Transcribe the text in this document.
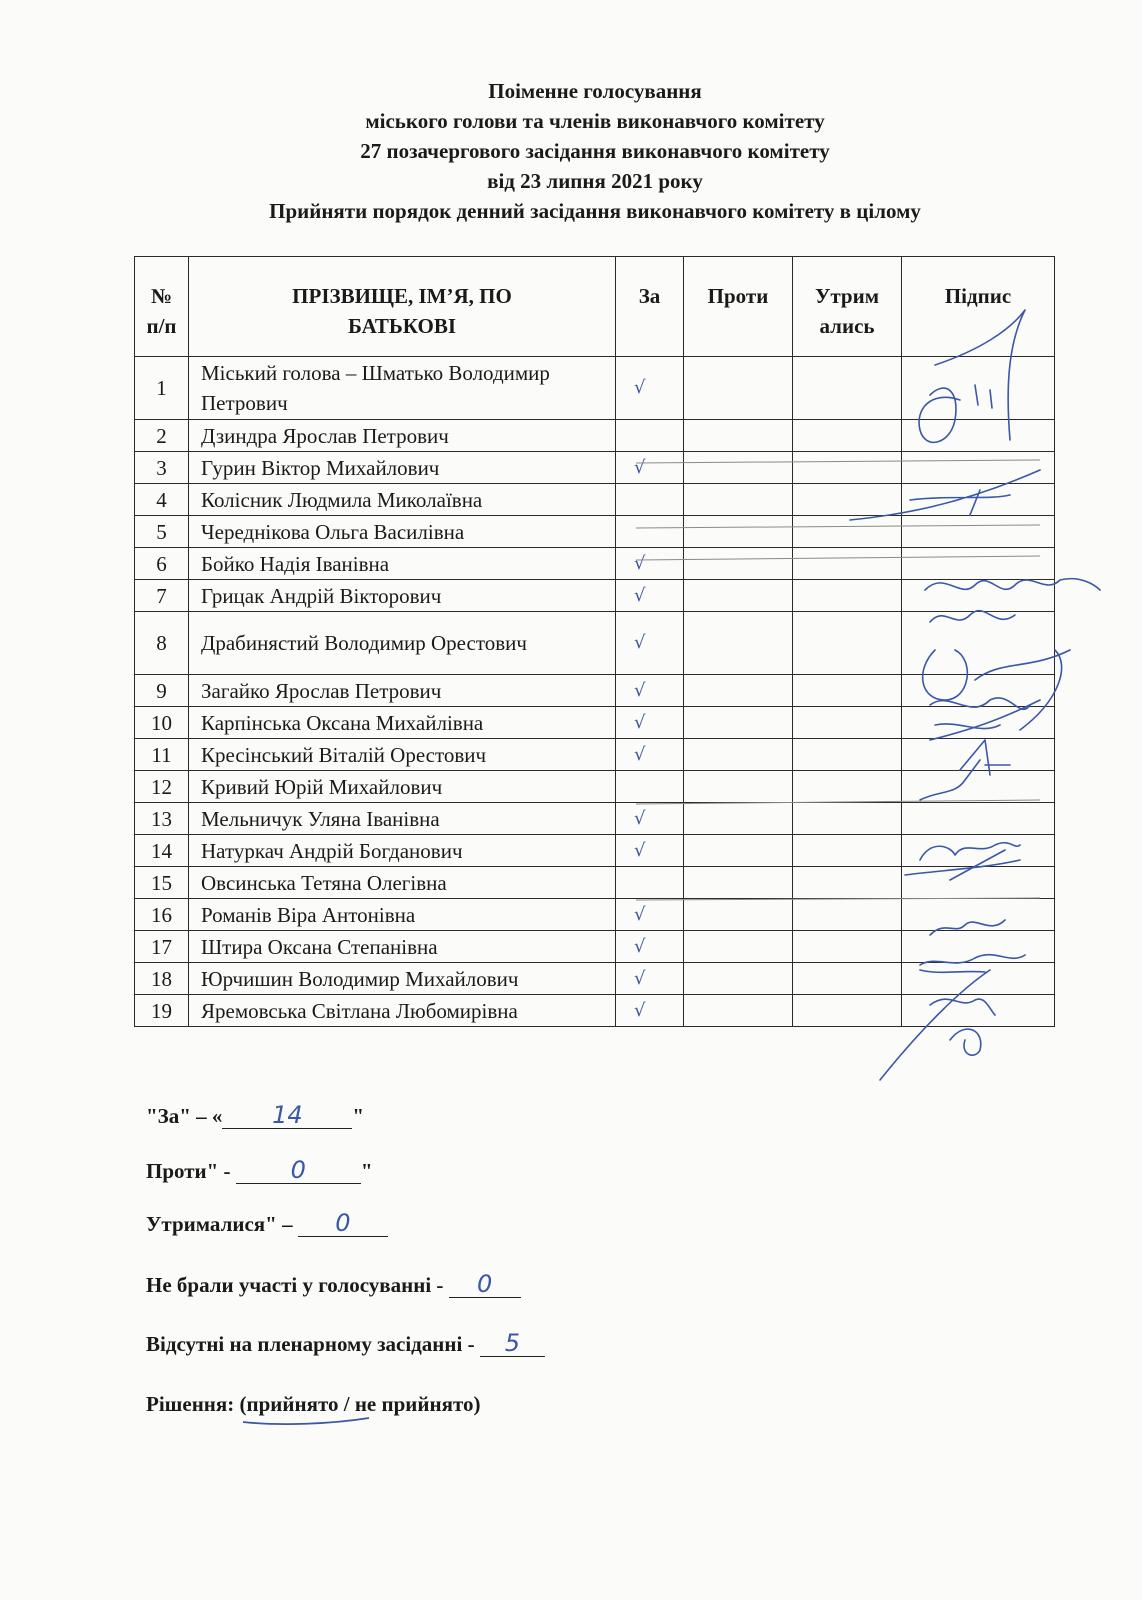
Поіменне голосування
міського голови та членів виконавчого комітету
27 позачергового засідання виконавчого комітету
від 23 липня 2021 року
Прийняти порядок денний засідання виконавчого комітету в цілому
№ п/п	ПРІЗВИЩЕ, ІМ’Я, ПО БАТЬКОВІ	За	Проти	Утрим ались	Підпис
1	Міський голова – Шматько Володимир Петрович	√			

2	Дзиндра Ярослав Петрович	

3	Гурин Віктор Михайлович	√			

4	Колісник Людмила Миколаївна	

5	Череднікова Ольга Василівна	

6	Бойко Надія Іванівна	√			

7	Грицак Андрій Вікторович	√			

8	Драбинястий Володимир Орестович	√			

9	Загайко Ярослав Петрович	√			

10	Карпінська Оксана Михайлівна	√			

11	Кресінський Віталій Орестович	√			

12	Кривий Юрій Михайлович	

13	Мельничук Уляна Іванівна	√			

14	Натуркач Андрій Богданович	√			

15	Овсинська Тетяна Олегівна	

16	Романів Віра Антонівна	√			

17	Штира Оксана Степанівна	√			

18	Юрчишин Володимир Михайлович	√			

19	Яремовська Світлана Любомирівна	√			

"За" – « 14 "
Проти" - 0	"
Утрималися" – 0
Не брали участі у голосуванні - 0
Відсутні на пленарному засіданні - 5
Рішення: (прийнято
/ не прийнято)
